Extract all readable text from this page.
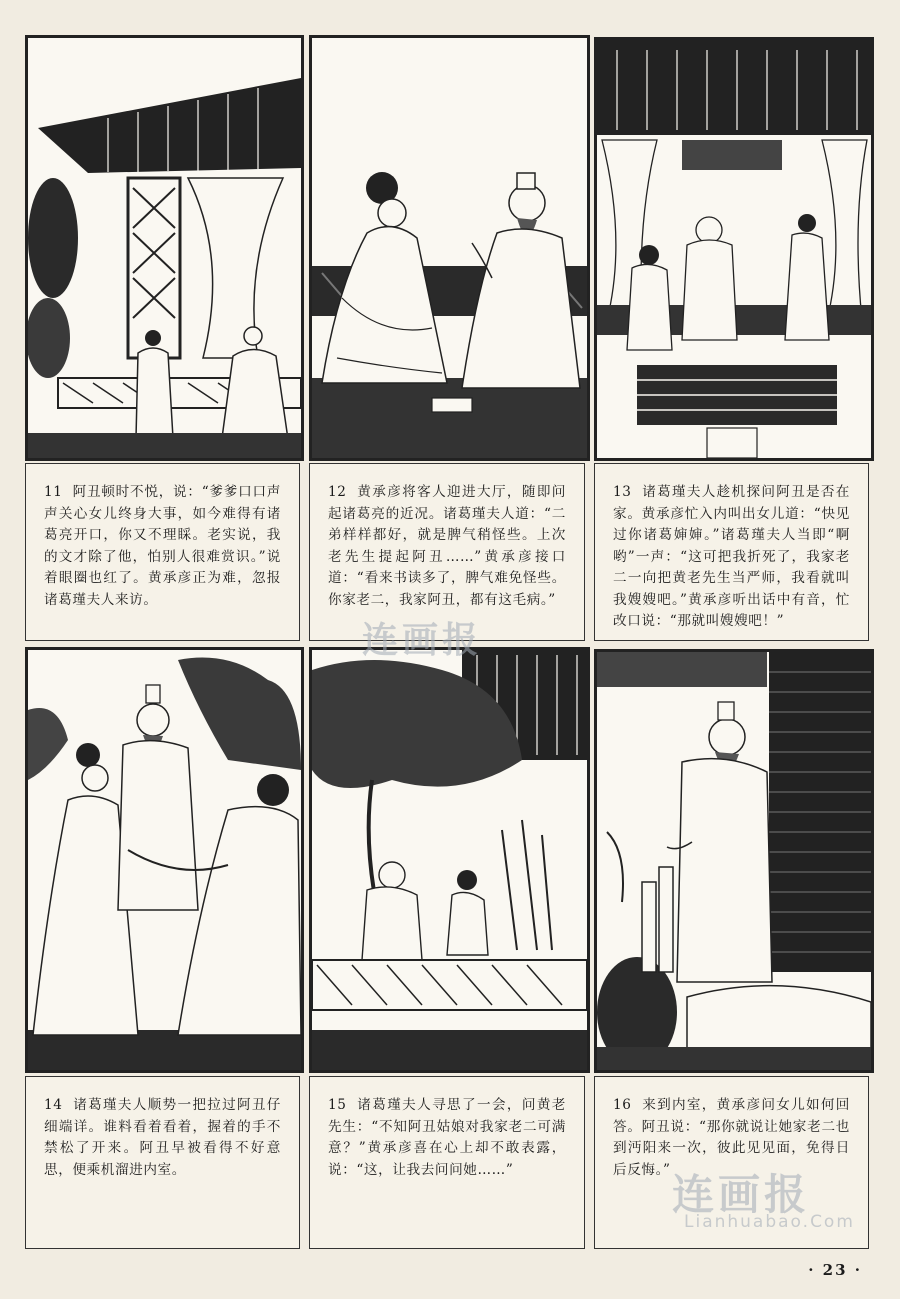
11 阿丑顿时不悦，说：“爹爹口口声声关心女儿终身大事，如今难得有诸葛亮开口，你又不理睬。老实说，我的文才除了他，怕别人很难赏识。”说着眼圈也红了。黄承彦正为难，忽报诸葛瑾夫人来访。
12 黄承彦将客人迎进大厅，随即问起诸葛亮的近况。诸葛瑾夫人道：“二弟样样都好，就是脾气稍怪些。上次老先生提起阿丑……”黄承彦接口道：“看来书读多了，脾气难免怪些。你家老二，我家阿丑，都有这毛病。”
13 诸葛瑾夫人趁机探问阿丑是否在家。黄承彦忙入内叫出女儿道：“快见过你诸葛婶婶。”诸葛瑾夫人当即“啊哟”一声：“这可把我折死了，我家老二一向把黄老先生当严师，我看就叫我嫂嫂吧。”黄承彦听出话中有音，忙改口说：“那就叫嫂嫂吧！”
14 诸葛瑾夫人顺势一把拉过阿丑仔细端详。谁料看着看着，握着的手不禁松了开来。阿丑早被看得不好意思，便乘机溜进内室。
15 诸葛瑾夫人寻思了一会，问黄老先生：“不知阿丑姑娘对我家老二可满意？”黄承彦喜在心上却不敢表露，说：“这，让我去问问她……”
16 来到内室，黄承彦问女儿如何回答。阿丑说：“那你就说让她家老二也到沔阳来一次，彼此见见面，免得日后反悔。”
连画报
连画报
Lianhuabao.Com
· 23 ·
